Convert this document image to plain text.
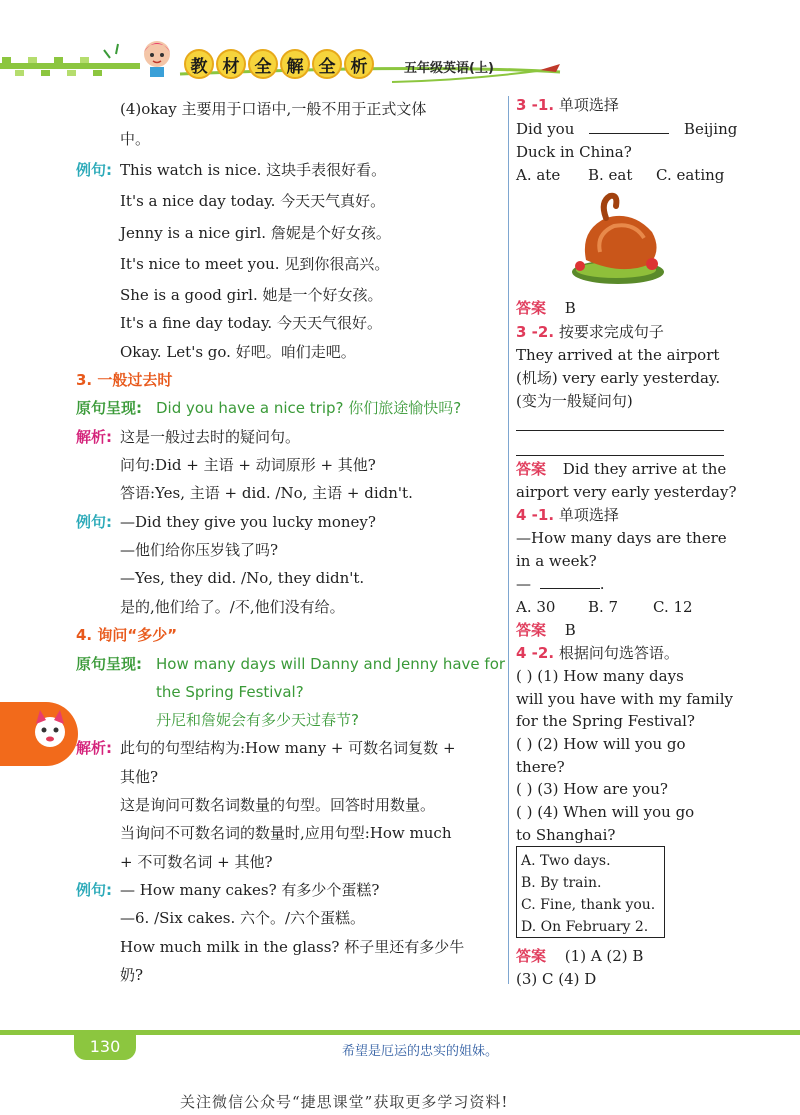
教 材 全 解 全 析	五年级英语(上)
(4)okay 主要用于口语中,一般不用于正式文体
中。
例句: This watch is nice. 这块手表很好看。
It's a nice day today. 今天天气真好。
Jenny is a nice girl. 詹妮是个好女孩。
It's nice to meet you. 见到你很高兴。
She is a good girl. 她是一个好女孩。
It's a fine day today. 今天天气很好。
Okay. Let's go. 好吧。咱们走吧。
3. 一般过去时
原句呈现: Did you have a nice trip? 你们旅途愉快吗?
解析: 这是一般过去时的疑问句。
问句:Did + 主语 + 动词原形 + 其他?
答语:Yes, 主语 + did. /No, 主语 + didn't.
例句: —Did they give you lucky money?
—他们给你压岁钱了吗?
—Yes, they did. /No, they didn't.
是的,他们给了。/不,他们没有给。
4. 询问“多少”
原句呈现: How many days will Danny and Jenny have for
the Spring Festival?
丹尼和詹妮会有多少天过春节?
解析: 此句的句型结构为:How many + 可数名词复数 +
其他?
这是询问可数名词数量的句型。回答时用数量。
当询问不可数名词的数量时,应用句型:How much
+ 不可数名词 + 其他?
例句: — How many cakes? 有多少个蛋糕?
—6. /Six cakes. 六个。/六个蛋糕。
How much milk in the glass? 杯子里还有多少牛
奶?
3 -1. 单项选择
Did you	Beijing
Duck in China?
A. ate B. eat C. eating
答案 B
3 -2. 按要求完成句子
They arrived at the airport
(机场) very early yesterday.
(变为一般疑问句)
答案 Did they arrive at the
airport very early yesterday?
4 -1. 单项选择
—How many days are there
in a week?
—	.
A. 30 B. 7 C. 12
答案 B
4 -2. 根据问句选答语。
( ) (1) How many days
will you have with my family
for the Spring Festival?
( ) (2) How will you go
there?
( ) (3) How are you?
( ) (4) When will you go
to Shanghai?
A. Two days.
B. By train.
C. Fine, thank you.
D. On February 2.
答案 (1) A (2) B
(3) C (4) D
130	希望是厄运的忠实的姐妹。
关注微信公众号“捷思课堂”获取更多学习资料!
